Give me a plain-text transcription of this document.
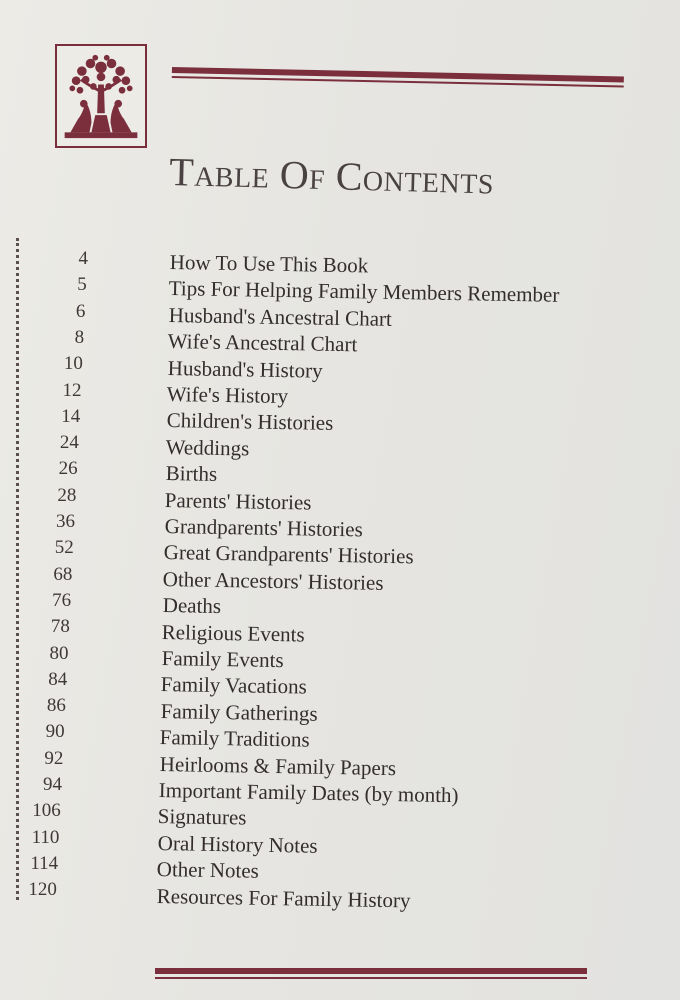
Table Of Contents
4	How To Use This Book
5	Tips For Helping Family Members Remember
6	Husband's Ancestral Chart
8	Wife's Ancestral Chart
10	Husband's History
12	Wife's History
14	Children's Histories
24	Weddings
26	Births
28	Parents' Histories
36	Grandparents' Histories
52	Great Grandparents' Histories
68	Other Ancestors' Histories
76	Deaths
78	Religious Events
80	Family Events
84	Family Vacations
86	Family Gatherings
90	Family Traditions
92	Heirlooms & Family Papers
94	Important Family Dates (by month)
106	Signatures
110	Oral History Notes
114	Other Notes
120	Resources For Family History
